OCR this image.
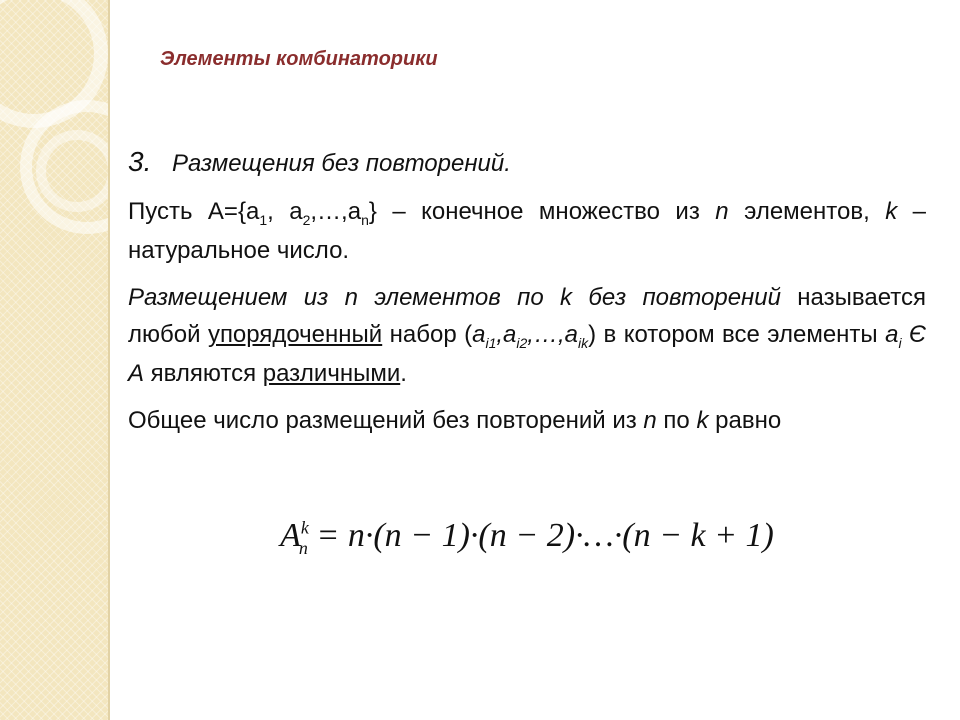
Элементы комбинаторики

3. Размещения без повторений.

Пусть $A=\{a_1$, $a_2,\dots,a_n$} – конечное множество из n элементов, k – натуральное число.

Размещением из n элементов по k без повторений называется любой упорядоченный набор $(a_{i1},a_{i2},\dots,a_{ik})$ в котором все элементы $a_i$ Є A являются различными.

Общее число размещений без повторений из n по k равно

$A^k_n = n\cdot(n - 1)\cdot(n$ − 2)·…·(n − k + 1)
